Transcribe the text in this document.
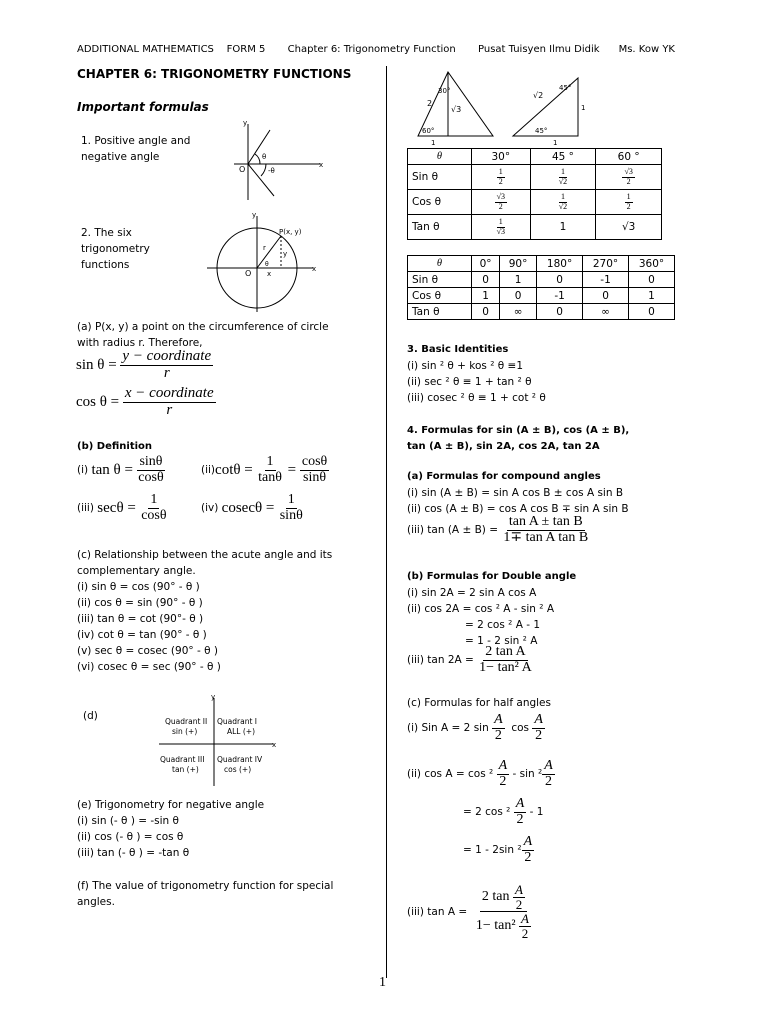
ADDITIONAL MATHEMATICS FORM 5 Chapter 6: Trigonometry Function Pusat Tuisyen Ilmu Didik Ms. Kow YK
CHAPTER 6: TRIGONOMETRY FUNCTIONS
Important formulas
1. Positive angle and
negative angle
y
x
O
θ
-θ
2. The six
trigonometry
functions
y
x
O
P(x, y)
r
y
θ
x
(a) P(x, y) a point on the circumference of circle
with radius r. Therefore,
sin θ =
$\frac{\text{y − coordinate}}{r}$
cos θ =
$\frac{\text{x − coordinate}}{r}$
(b) Definition
(i)
tan θ =
$\frac{\sin\theta}{\cos\theta}$	(ii) cotθ =
$\frac{1}{\tan\theta} = \frac{\cos\theta}{\sin\theta}$
(iii)
secθ =
$\frac{1}{\cos\theta}$	(iv)
cosecθ =
$\frac{1}{\sin\theta}$
(c) Relationship between the acute angle and its
complementary angle.
(i) sin θ = cos (90° - θ )
(ii) cos θ = sin (90° - θ )
(iii) tan θ = cot (90°- θ )
(iv) cot θ = tan (90° - θ )
(v) sec θ = cosec (90° - θ )
(vi) cosec θ = sec (90° - θ )
(d)
y
x
Quadrant II
sin (+)
Quadrant I
ALL (+)
Quadrant III
tan (+)
Quadrant IV
cos (+)
(e) Trigonometry for negative angle
(i) sin (- θ ) = -sin θ
(ii) cos (- θ ) = cos θ
(iii) tan (- θ ) = -tan θ
(f) The value of trigonometry function for special
angles.
30°
2
√3
60°
1
45°
√2
1
45°
1
θ	30°	45 °	60 °
Sin θ	$\frac{1}{2}$	$\frac{1}{√2}$	$\frac{√3}{2}$

Cos θ	$\frac{√3}{2}$	$\frac{1}{√2}$	$\frac{1}{2}$

Tan θ	$\frac{1}{√3}$	1	√3
θ	0°	90°	180°	270°	360°
Sin θ	0	1	0	-1	0
Cos θ	1	0	-1	0	1
Tan θ	0	∞	0	∞	0
3. Basic Identities
(i) sin ² θ + kos ² θ ≡1
(ii) sec ² θ ≡ 1 + tan ² θ
(iii) cosec ² θ ≡ 1 + cot ² θ
4. Formulas for sin (A ± B), cos (A ± B),
tan (A ± B), sin 2A, cos 2A, tan 2A
(a) Formulas for compound angles
(i) sin (A ± B) = sin A cos B ± cos A sin B
(ii) cos (A ± B) = cos A cos B ∓ sin A sin B
(iii) tan (A ± B) =
$\frac{\text{tan A ± tan B}}{\text{1∓ tan A tan B}}$
(b) Formulas for Double angle
(i) sin 2A = 2 sin A cos A
(ii) cos 2A = cos ² A - sin ² A
= 2 cos ² A - 1
= 1 - 2 sin ² A
(iii) tan 2A =
$\frac{\text{2 tan A}}{\text{1− tan² A}}$
(c) Formulas for half angles
(i) Sin A = 2 sin
$\frac{A}{2}$
cos
$\frac{A}{2}$
(ii) cos A = cos ²
$\frac{A}{2}$
- $\sin ^2 \frac{A}{2}$
= 2 cos ²
$\frac{A}{2}$
- 1
= 1 - 2sin $^2 \frac{A}{2}$
(iii) tan A =
2 tan
$\frac{A}{2}$
1− tan²
$\frac{A}{2}$
1
